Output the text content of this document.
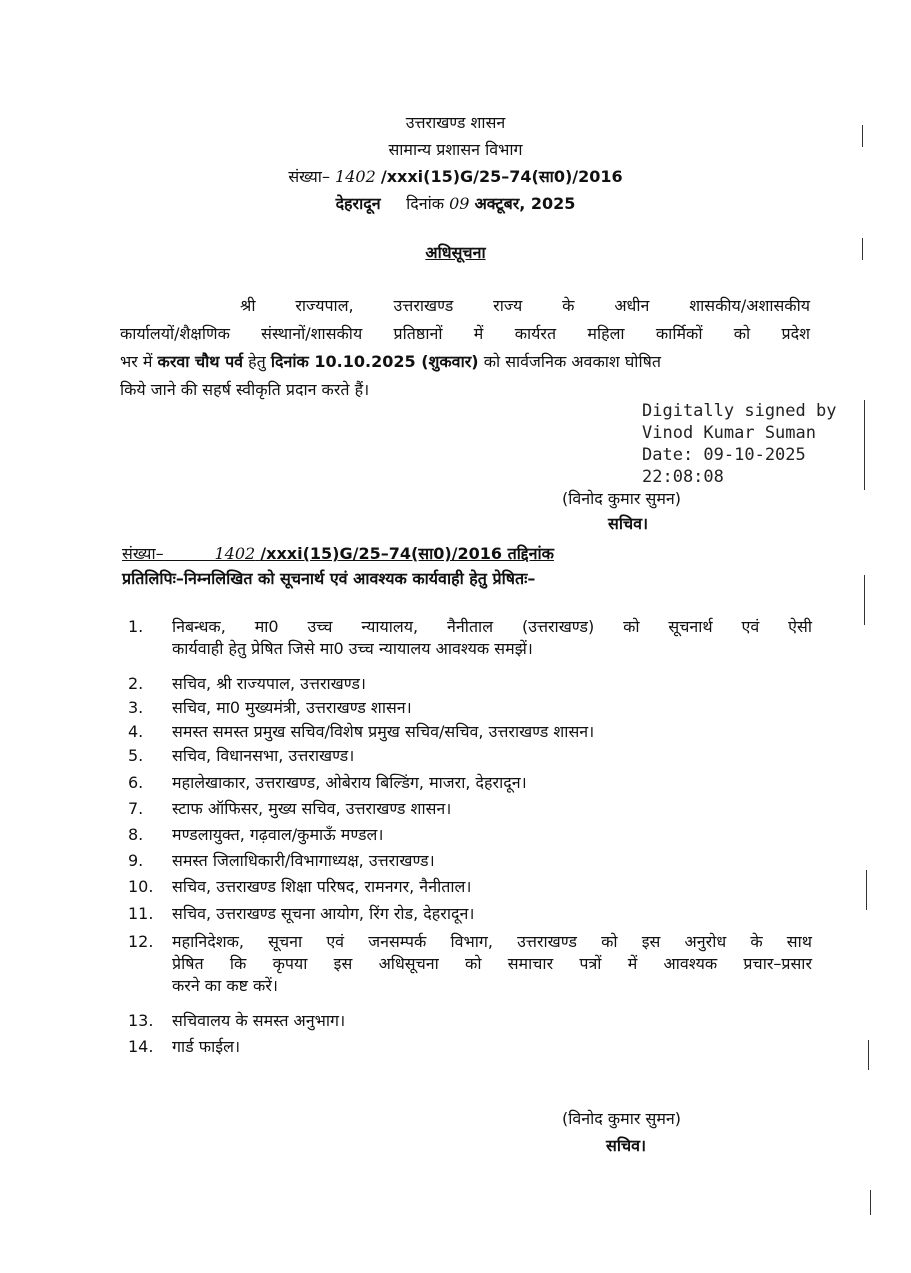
उत्तराखण्ड शासन
सामान्य प्रशासन विभाग
संख्या– 1402 /xxxi(15)G/25–74(सा0)/2016
देहरादून दिनांक 09 अक्टूबर, 2025
अधिसूचना
श्री राज्यपाल, उत्तराखण्ड राज्य के अधीन शासकीय/अशासकीय
कार्यालयों/शैक्षणिक संस्थानों/शासकीय प्रतिष्ठानों में कार्यरत महिला कार्मिकों को प्रदेश
भर में करवा चौथ पर्व हेतु दिनांक 10.10.2025 (शुकवार) को सार्वजनिक अवकाश घोषित
किये जाने की सहर्ष स्वीकृति प्रदान करते हैं।
Digitally signed by
Vinod Kumar Suman
Date: 09-10-2025
22:08:08
(विनोद कुमार सुमन)
सचिव।
संख्या–	1402 /xxxi(15)G/25–74(सा0)/2016 तद्दिनांक
प्रतिलिपिः–निम्नलिखित को सूचनार्थ एवं आवश्यक कार्यवाही हेतु प्रेषितः–
1.	निबन्धक, मा0 उच्च न्यायालय, नैनीताल (उत्तराखण्ड) को सूचनार्थ एवं ऐसी
कार्यवाही हेतु प्रेषित जिसे मा0 उच्च न्यायालय आवश्यक समझें।
2.	सचिव, श्री राज्यपाल, उत्तराखण्ड।
3.	सचिव, मा0 मुख्यमंत्री, उत्तराखण्ड शासन।
4.	समस्त समस्त प्रमुख सचिव/विशेष प्रमुख सचिव/सचिव, उत्तराखण्ड शासन।
5.	सचिव, विधानसभा, उत्तराखण्ड।
6.	महालेखाकार, उत्तराखण्ड, ओबेराय बिल्डिंग, माजरा, देहरादून।
7.	स्टाफ ऑफिसर, मुख्य सचिव, उत्तराखण्ड शासन।
8.	मण्डलायुक्त, गढ़वाल/कुमाऊँ मण्डल।
9.	समस्त जिलाधिकारी/विभागाध्यक्ष, उत्तराखण्ड।
10. सचिव, उत्तराखण्ड शिक्षा परिषद, रामनगर, नैनीताल।
11. सचिव, उत्तराखण्ड सूचना आयोग, रिंग रोड, देहरादून।
12. महानिदेशक, सूचना एवं जनसम्पर्क विभाग, उत्तराखण्ड को इस अनुरोध के साथ
प्रेषित कि कृपया इस अधिसूचना को समाचार पत्रों में आवश्यक प्रचार–प्रसार
करने का कष्ट करें।
13. सचिवालय के समस्त अनुभाग।
14. गार्ड फाईल।
(विनोद कुमार सुमन)
सचिव।
